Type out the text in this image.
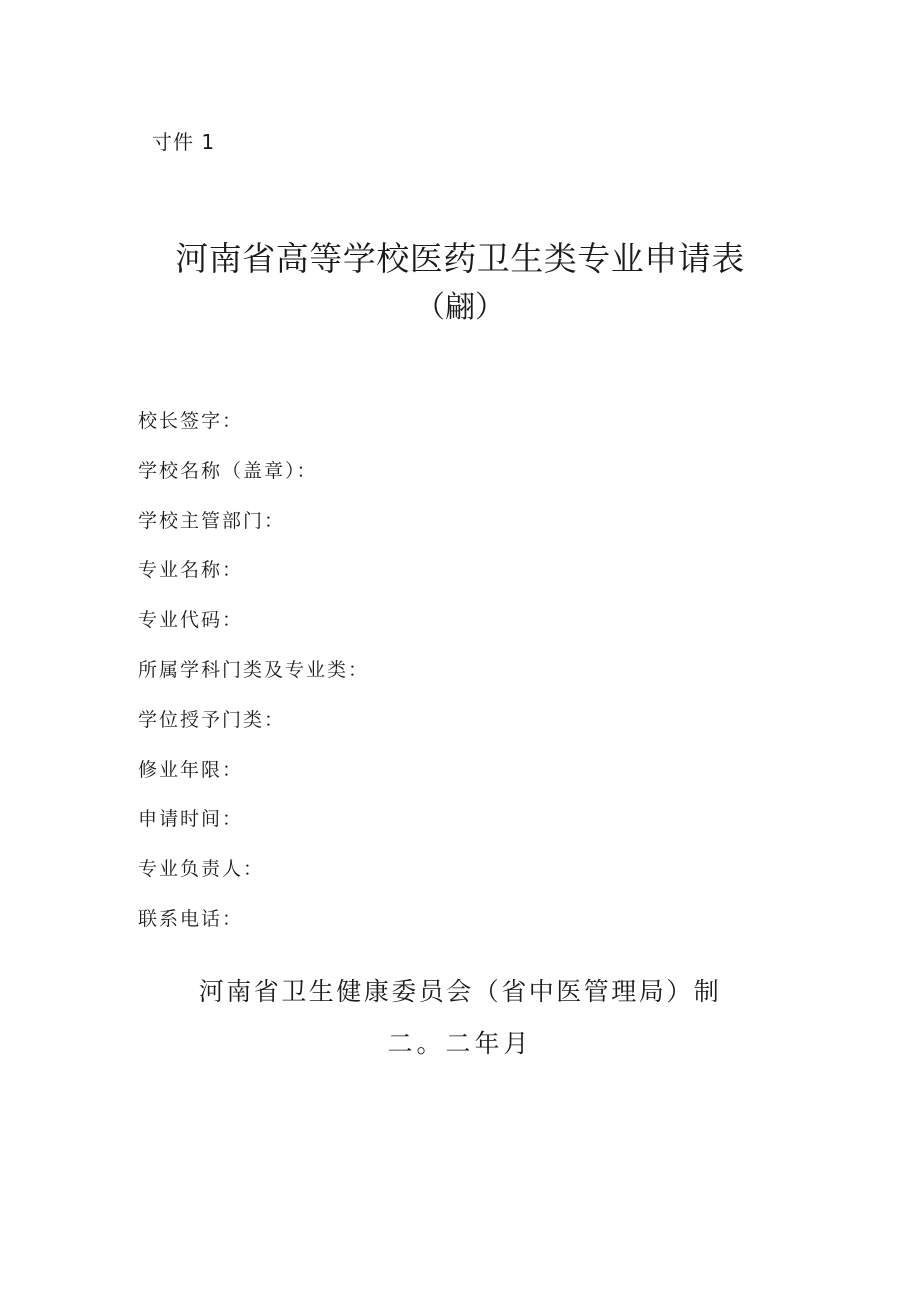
寸件 1
河南省高等学校医药卫生类专业申请表
（翩）
校长签字：
学校名称（盖章）：
学校主管部门：
专业名称：
专业代码：
所属学科门类及专业类：
学位授予门类：
修业年限：
申请时间：
专业负责人：
联系电话：
河南省卫生健康委员会（省中医管理局）制
二。二年月
